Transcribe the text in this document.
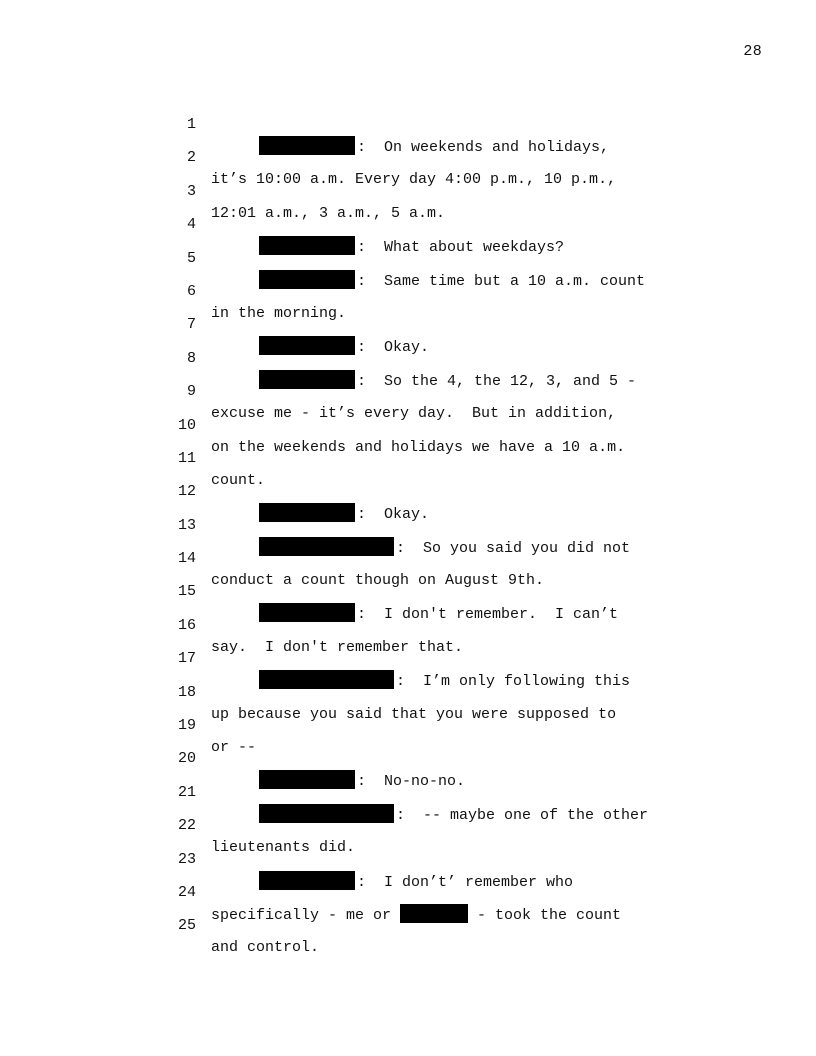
28

1

:  On weekends and holidays,

2

it’s 10:00 a.m. Every day 4:00 p.m., 10 p.m.,

3

12:01 a.m., 3 a.m., 5 a.m.

4

:  What about weekdays?

5

:  Same time but a 10 a.m. count

6

in the morning.

7

:  Okay.

8

:  So the 4, the 12, 3, and 5 -

9

excuse me - it’s every day.  But in addition,

10

on the weekends and holidays we have a 10 a.m.

11

count.

12

:  Okay.

13

:  So you said you did not

14

conduct a count though on August 9th.

15

:  I don't remember.  I can’t

16

say.  I don't remember that.

17

:  I’m only following this

18

up because you said that you were supposed to

19

or --

20

:  No-no-no.

21

:  -- maybe one of the other

22

lieutenants did.

23

:  I don’t’ remember who

24

specifically - me or	- took the count

25

and control.
